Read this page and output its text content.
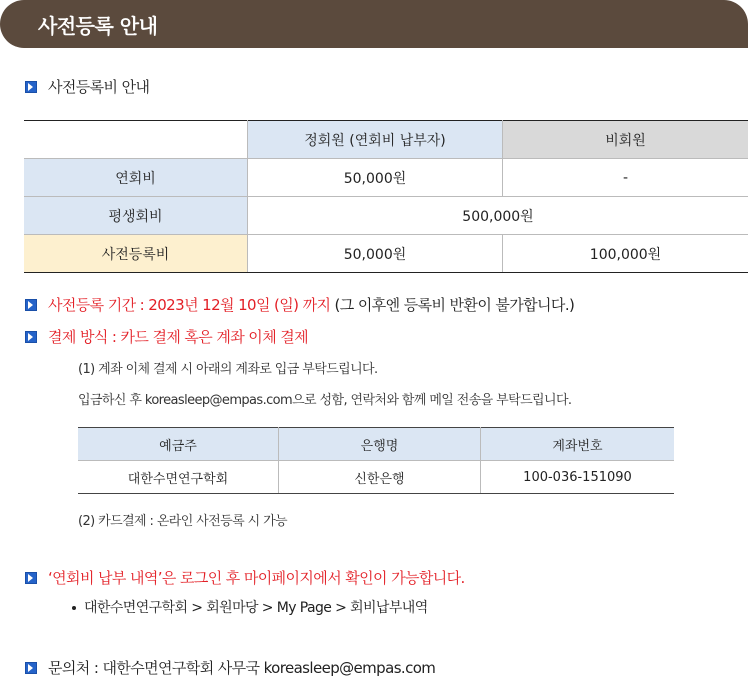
사전등록 안내
사전등록비 안내
	정회원 (연회비 납부자)	비회원
연회비	50,000원	-
평생회비	500,000원	
사전등록비	50,000원	100,000원
사전등록 기간 : 2023년 12월 10일 (일) 까지 (그 이후엔 등록비 반환이 불가합니다.)
결제 방식 : 카드 결제 혹은 계좌 이체 결제
(1) 계좌 이체 결제 시 아래의 계좌로 입금 부탁드립니다.
입금하신 후 koreasleep@empas.com으로 성함, 연락처와 함께 메일 전송을 부탁드립니다.
예금주	은행명	계좌번호
대한수면연구학회	신한은행	100-036-151090
(2) 카드결제 : 온라인 사전등록 시 가능
‘연회비 납부 내역’은 로그인 후 마이페이지에서 확인이 가능합니다.
대한수면연구학회 > 회원마당 > My Page > 회비납부내역
문의처 : 대한수면연구학회 사무국 koreasleep@empas.com
